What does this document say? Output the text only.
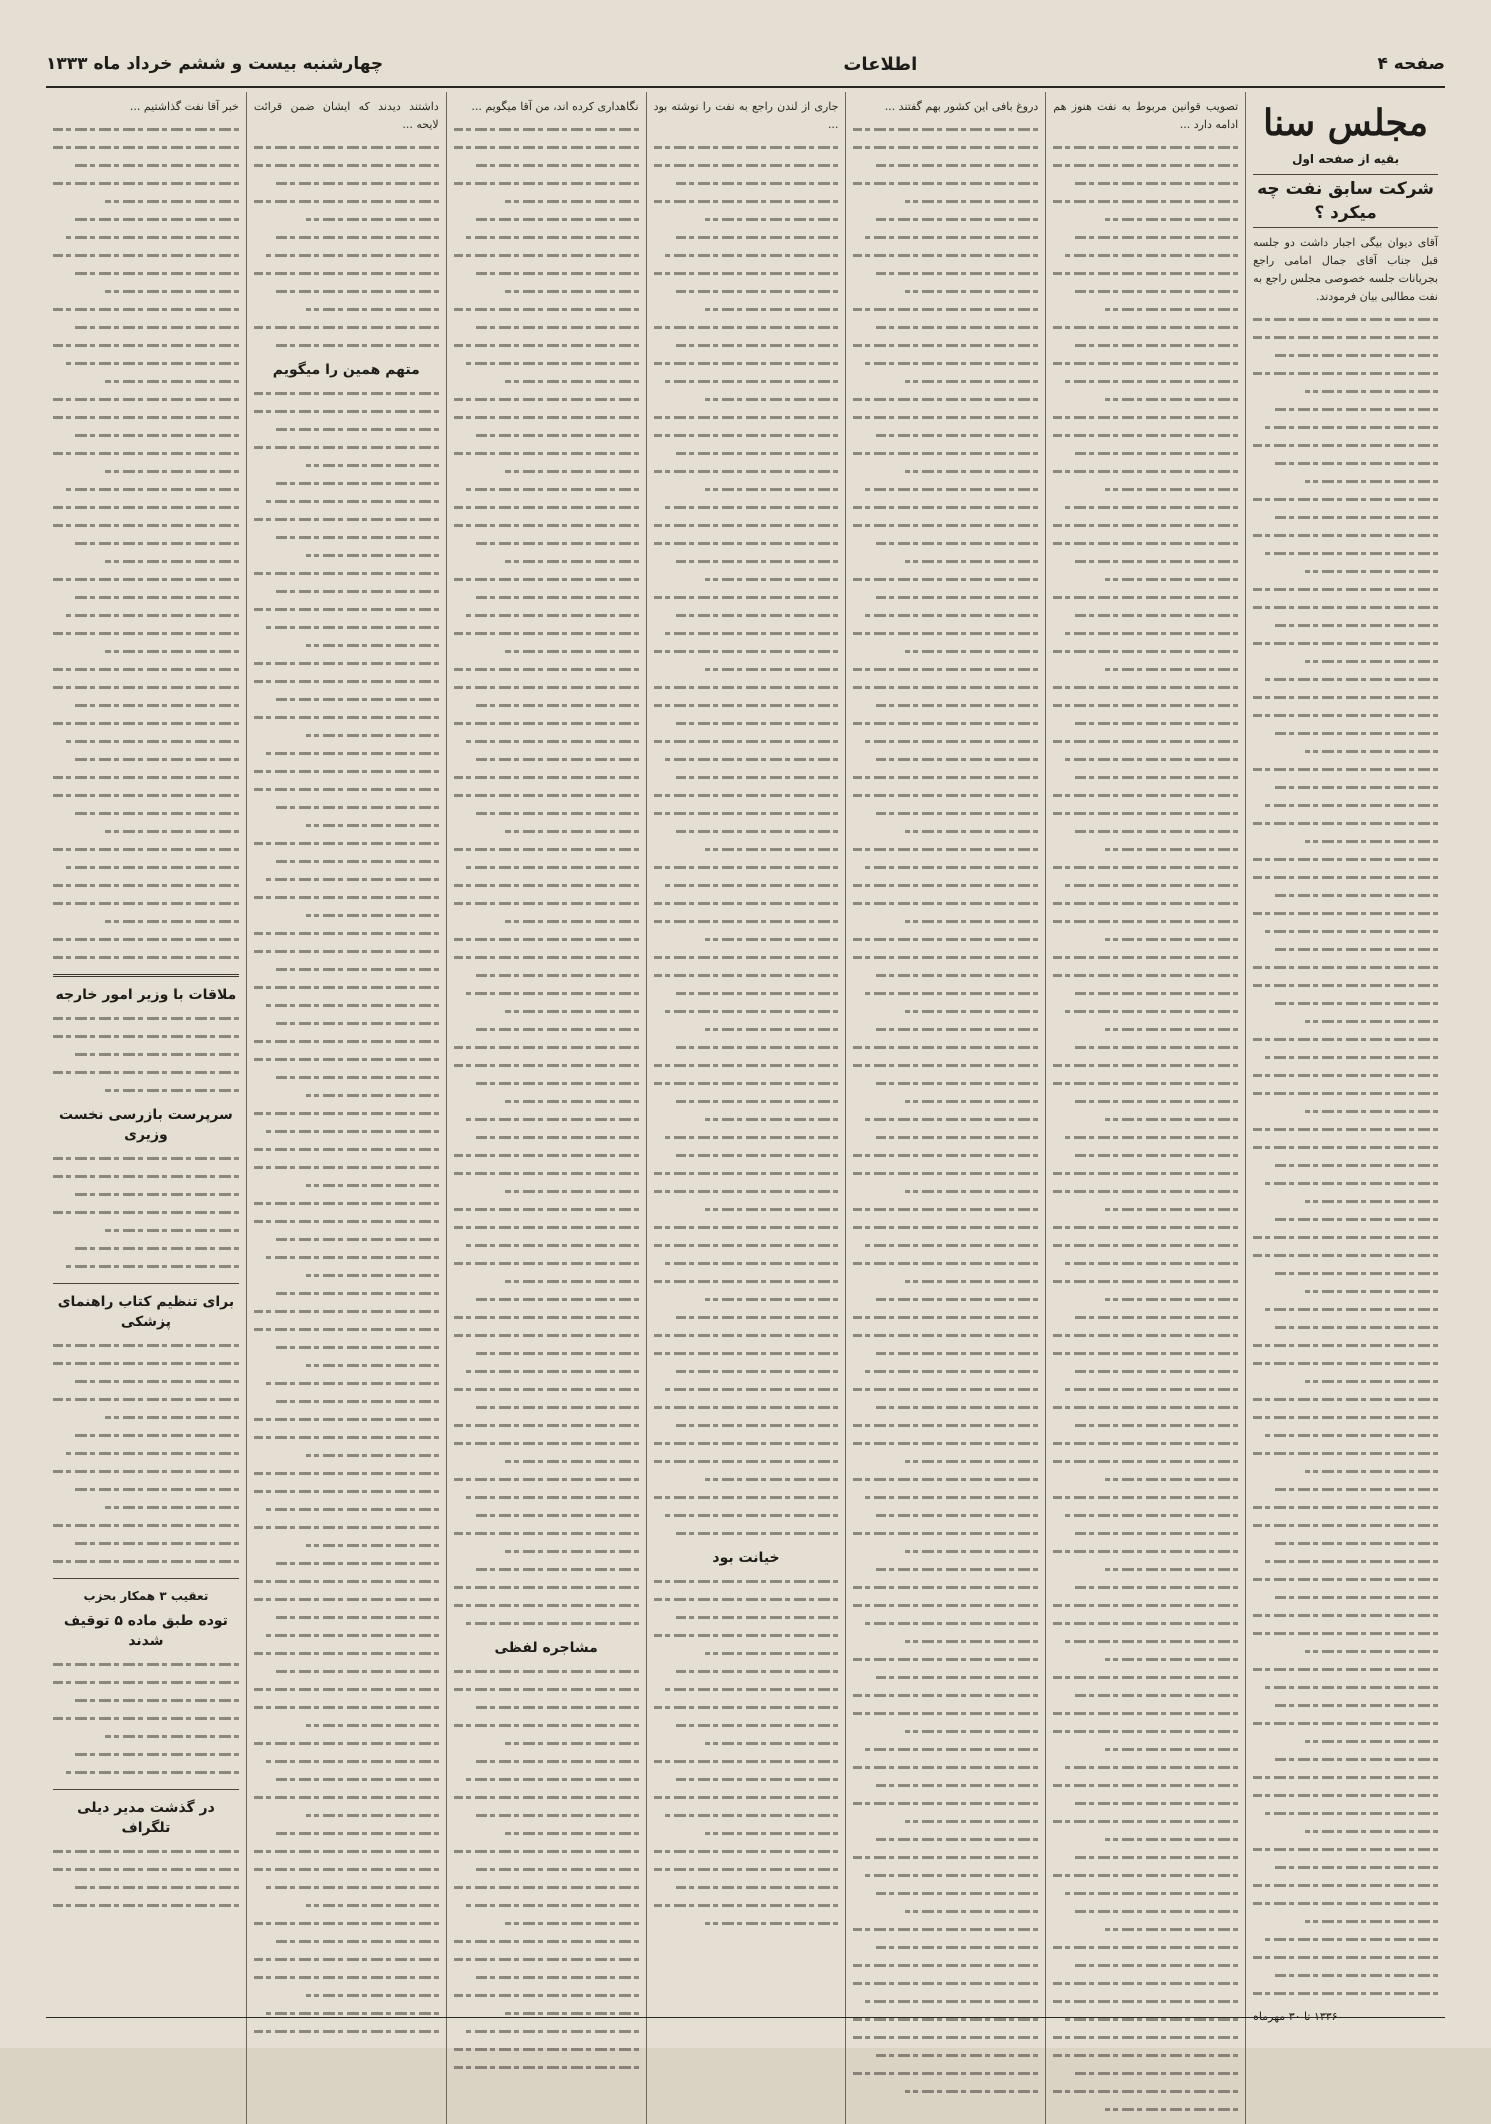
صفحه ۴
اطلاعات
چهارشنبه بیست و ششم خرداد ماه ۱۳۳۳
مجلس سنا
بقیه از صفحه اول
شرکت سابق نفت چه میکرد ؟
آقای دیوان بیگی اجبار داشت دو جلسه قبل جناب آقای جمال امامی راجع بجریانات جلسه خصوصی مجلس راجع به نفت مطالبی بیان فرمودند.
۱۳۳۶ تا ۳۰ مهرماه
تصویب قوانین مربوط به نفت هنوز هم ادامه دارد ...
دروغ بافی این کشور بهم گفتند ...
جاری از لندن راجع به نفت را نوشته بود ...
خیانت بود
نگاهداری کرده اند، من آقا میگویم ...
مشاجره لفظی
داشتند دیدند که ایشان ضمن قرائت لایحه ...
متهم همین را میگویم
خبر آقا نفت گذاشتیم ...
ملاقات با وزیر امور خارجه
سرپرست بازرسی نخست وزیری
برای تنظیم کتاب راهنمای پزشکی
تعقیب ۳ همکار بحزب
توده طبق ماده ۵ توقیف شدند
در گذشت مدیر دیلی تلگراف
